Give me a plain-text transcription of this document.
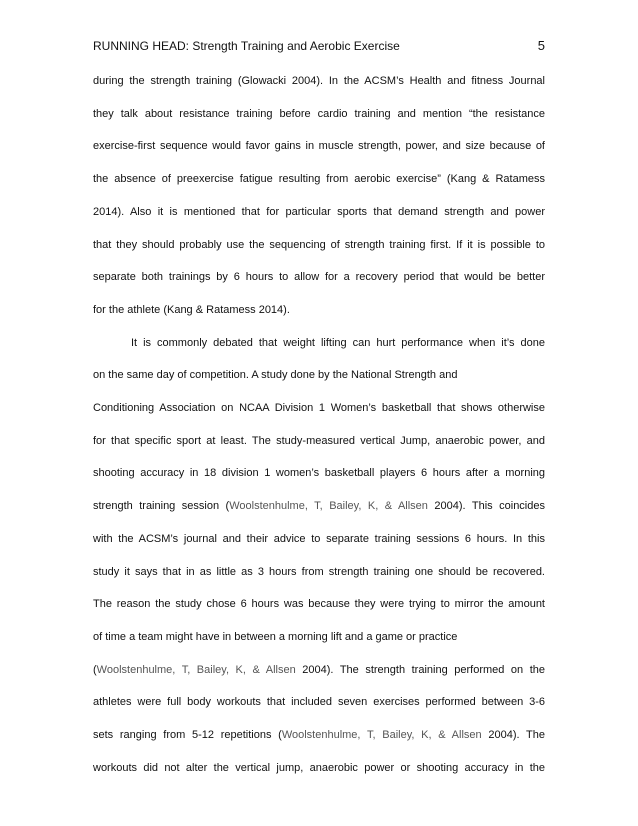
RUNNING HEAD: Strength Training and Aerobic Exercise	5
during the strength training (Glowacki 2004). In the ACSM’s Health and fitness Journal
they talk about resistance training before cardio training and mention “the resistance
exercise-first sequence would favor gains in muscle strength, power, and size because of
the absence of preexercise fatigue resulting from aerobic exercise” (Kang & Ratamess
2014). Also it is mentioned that for particular sports that demand strength and power
that they should probably use the sequencing of strength training first. If it is possible to
separate both trainings by 6 hours to allow for a recovery period that would be better
for the athlete (Kang & Ratamess 2014).
It is commonly debated that weight lifting can hurt performance when it’s done
on the same day of competition. A study done by the National Strength and
Conditioning Association on NCAA Division 1 Women’s basketball that shows otherwise
for that specific sport at least. The study-measured vertical Jump, anaerobic power, and
shooting accuracy in 18 division 1 women’s basketball players 6 hours after a morning
strength training session (Woolstenhulme, T, Bailey, K, & Allsen 2004). This coincides
with the ACSM’s journal and their advice to separate training sessions 6 hours. In this
study it says that in as little as 3 hours from strength training one should be recovered.
The reason the study chose 6 hours was because they were trying to mirror the amount
of time a team might have in between a morning lift and a game or practice
(Woolstenhulme, T, Bailey, K, & Allsen 2004). The strength training performed on the
athletes were full body workouts that included seven exercises performed between 3-6
sets ranging from 5-12 repetitions (Woolstenhulme, T, Bailey, K, & Allsen 2004). The
workouts did not alter the vertical jump, anaerobic power or shooting accuracy in the
